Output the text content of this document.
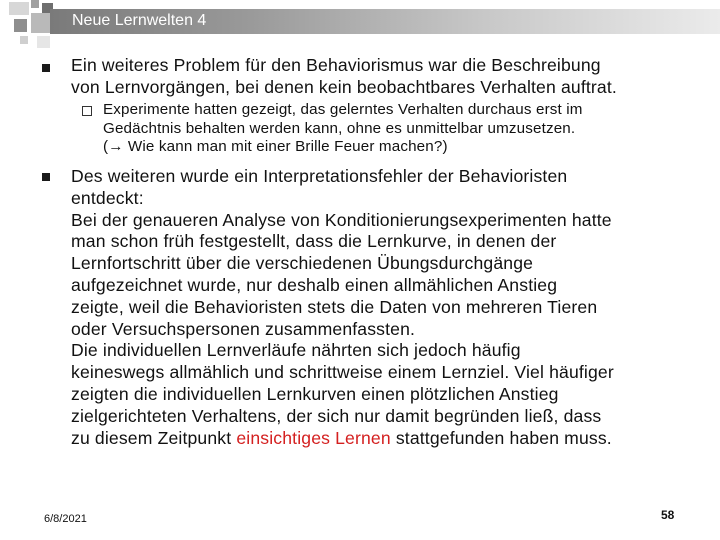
Neue Lernwelten 4
Ein weiteres Problem für den Behaviorismus war die Beschreibung
von Lernvorgängen, bei denen kein beobachtbares Verhalten auftrat.
Experimente hatten gezeigt, das gelerntes Verhalten durchaus erst im
Gedächtnis behalten werden kann, ohne es unmittelbar umzusetzen.
(→ Wie kann man mit einer Brille Feuer machen?)
Des weiteren wurde ein Interpretationsfehler der Behavioristen
entdeckt:
Bei der genaueren Analyse von Konditionierungsexperimenten hatte
man schon früh festgestellt, dass die Lernkurve, in denen der
Lernfortschritt über die verschiedenen Übungsdurchgänge
aufgezeichnet wurde, nur deshalb einen allmählichen Anstieg
zeigte, weil die Behavioristen stets die Daten von mehreren Tieren
oder Versuchspersonen zusammenfassten.
Die individuellen Lernverläufe nährten sich jedoch häufig
keineswegs allmählich und schrittweise einem Lernziel. Viel häufiger
zeigten die individuellen Lernkurven einen plötzlichen Anstieg
zielgerichteten Verhaltens, der sich nur damit begründen ließ, dass
zu diesem Zeitpunkt einsichtiges Lernen stattgefunden haben muss.
6/8/2021	58
